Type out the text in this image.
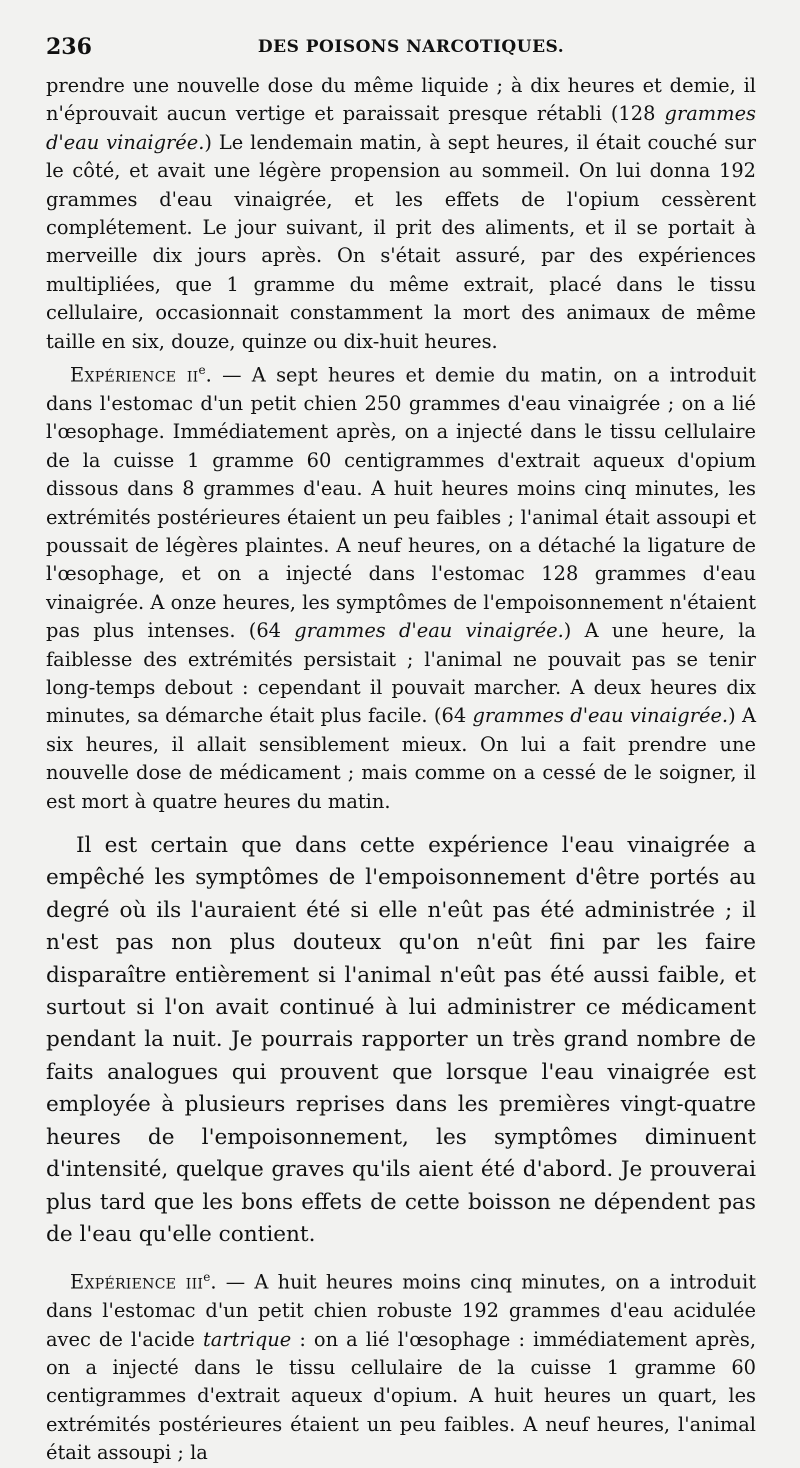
236	DES POISONS NARCOTIQUES.

prendre une nouvelle dose du même liquide ; à dix heures et demie, il n'éprouvait aucun vertige et paraissait presque rétabli (128 grammes d'eau vinaigrée.) Le lendemain matin, à sept heures, il était couché sur le côté, et avait une légère propension au sommeil. On lui donna 192 grammes d'eau vinaigrée, et les effets de l'opium cessèrent complétement. Le jour suivant, il prit des aliments, et il se portait à merveille dix jours après. On s'était assuré, par des expériences multipliées, que 1 gramme du même extrait, placé dans le tissu cellulaire, occasionnait constamment la mort des animaux de même taille en six, douze, quinze ou dix-huit heures.

Expérience $ii^e$. — A sept heures et demie du matin, on a introduit dans l'estomac d'un petit chien 250 grammes d'eau vinaigrée ; on a lié l'œsophage. Immédiatement après, on a injecté dans le tissu cellulaire de la cuisse 1 gramme 60 centigrammes d'extrait aqueux d'opium dissous dans 8 grammes d'eau. A huit heures moins cinq minutes, les extrémités postérieures étaient un peu faibles ; l'animal était assoupi et poussait de légères plaintes. A neuf heures, on a détaché la ligature de l'œsophage, et on a injecté dans l'estomac 128 grammes d'eau vinaigrée. A onze heures, les symptômes de l'empoisonnement n'étaient pas plus intenses. (64 grammes d'eau vinaigrée.) A une heure, la faiblesse des extrémités persistait ; l'animal ne pouvait pas se tenir long-temps debout : cependant il pouvait marcher. A deux heures dix minutes, sa démarche était plus facile. (64 grammes d'eau vinaigrée.) A six heures, il allait sensiblement mieux. On lui a fait prendre une nouvelle dose de médicament ; mais comme on a cessé de le soigner, il est mort à quatre heures du matin.

Il est certain que dans cette expérience l'eau vinaigrée a empêché les symptômes de l'empoisonnement d'être portés au degré où ils l'auraient été si elle n'eût pas été administrée ; il n'est pas non plus douteux qu'on n'eût fini par les faire disparaître entièrement si l'animal n'eût pas été aussi faible, et surtout si l'on avait continué à lui administrer ce médicament pendant la nuit. Je pourrais rapporter un très grand nombre de faits analogues qui prouvent que lorsque l'eau vinaigrée est employée à plusieurs reprises dans les premières vingt-quatre heures de l'empoisonnement, les symptômes diminuent d'intensité, quelque graves qu'ils aient été d'abord. Je prouverai plus tard que les bons effets de cette boisson ne dépendent pas de l'eau qu'elle contient.

Expérience iii$^e$. — A huit heures moins cinq minutes, on a introduit dans l'estomac d'un petit chien robuste 192 grammes d'eau acidulée avec de l'acide tartrique : on a lié l'œsophage : immédiatement après, on a injecté dans le tissu cellulaire de la cuisse 1 gramme 60 centigrammes d'extrait aqueux d'opium. A huit heures un quart, les extrémités postérieures étaient un peu faibles. A neuf heures, l'animal était assoupi ; la
